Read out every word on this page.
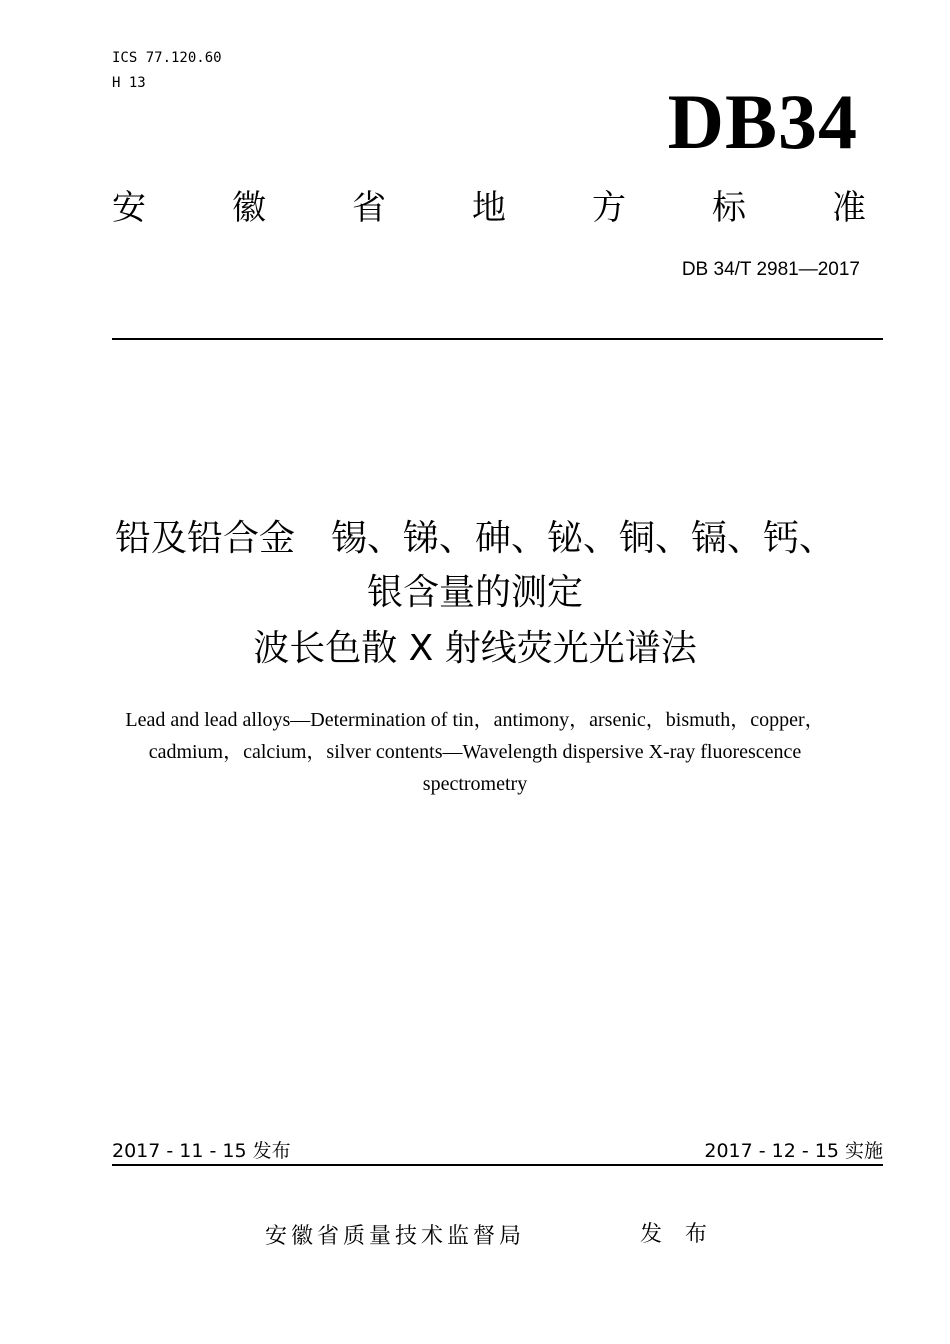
ICS 77.120.60
H 13	DB34
安	徽	省	地	方	标	准
DB 34/T 2981—2017
铅及铅合金　锡、锑、砷、铋、铜、镉、钙、
银含量的测定
波长色散 X 射线荧光光谱法
Lead and lead alloys—Determination of tin，antimony，arsenic，bismuth，copper，
cadmium，calcium，silver contents—Wavelength dispersive X-ray fluorescence
spectrometry
2017 - 11 - 15 发布	2017 - 12 - 15 实施
安徽省质量技术监督局	发 布
